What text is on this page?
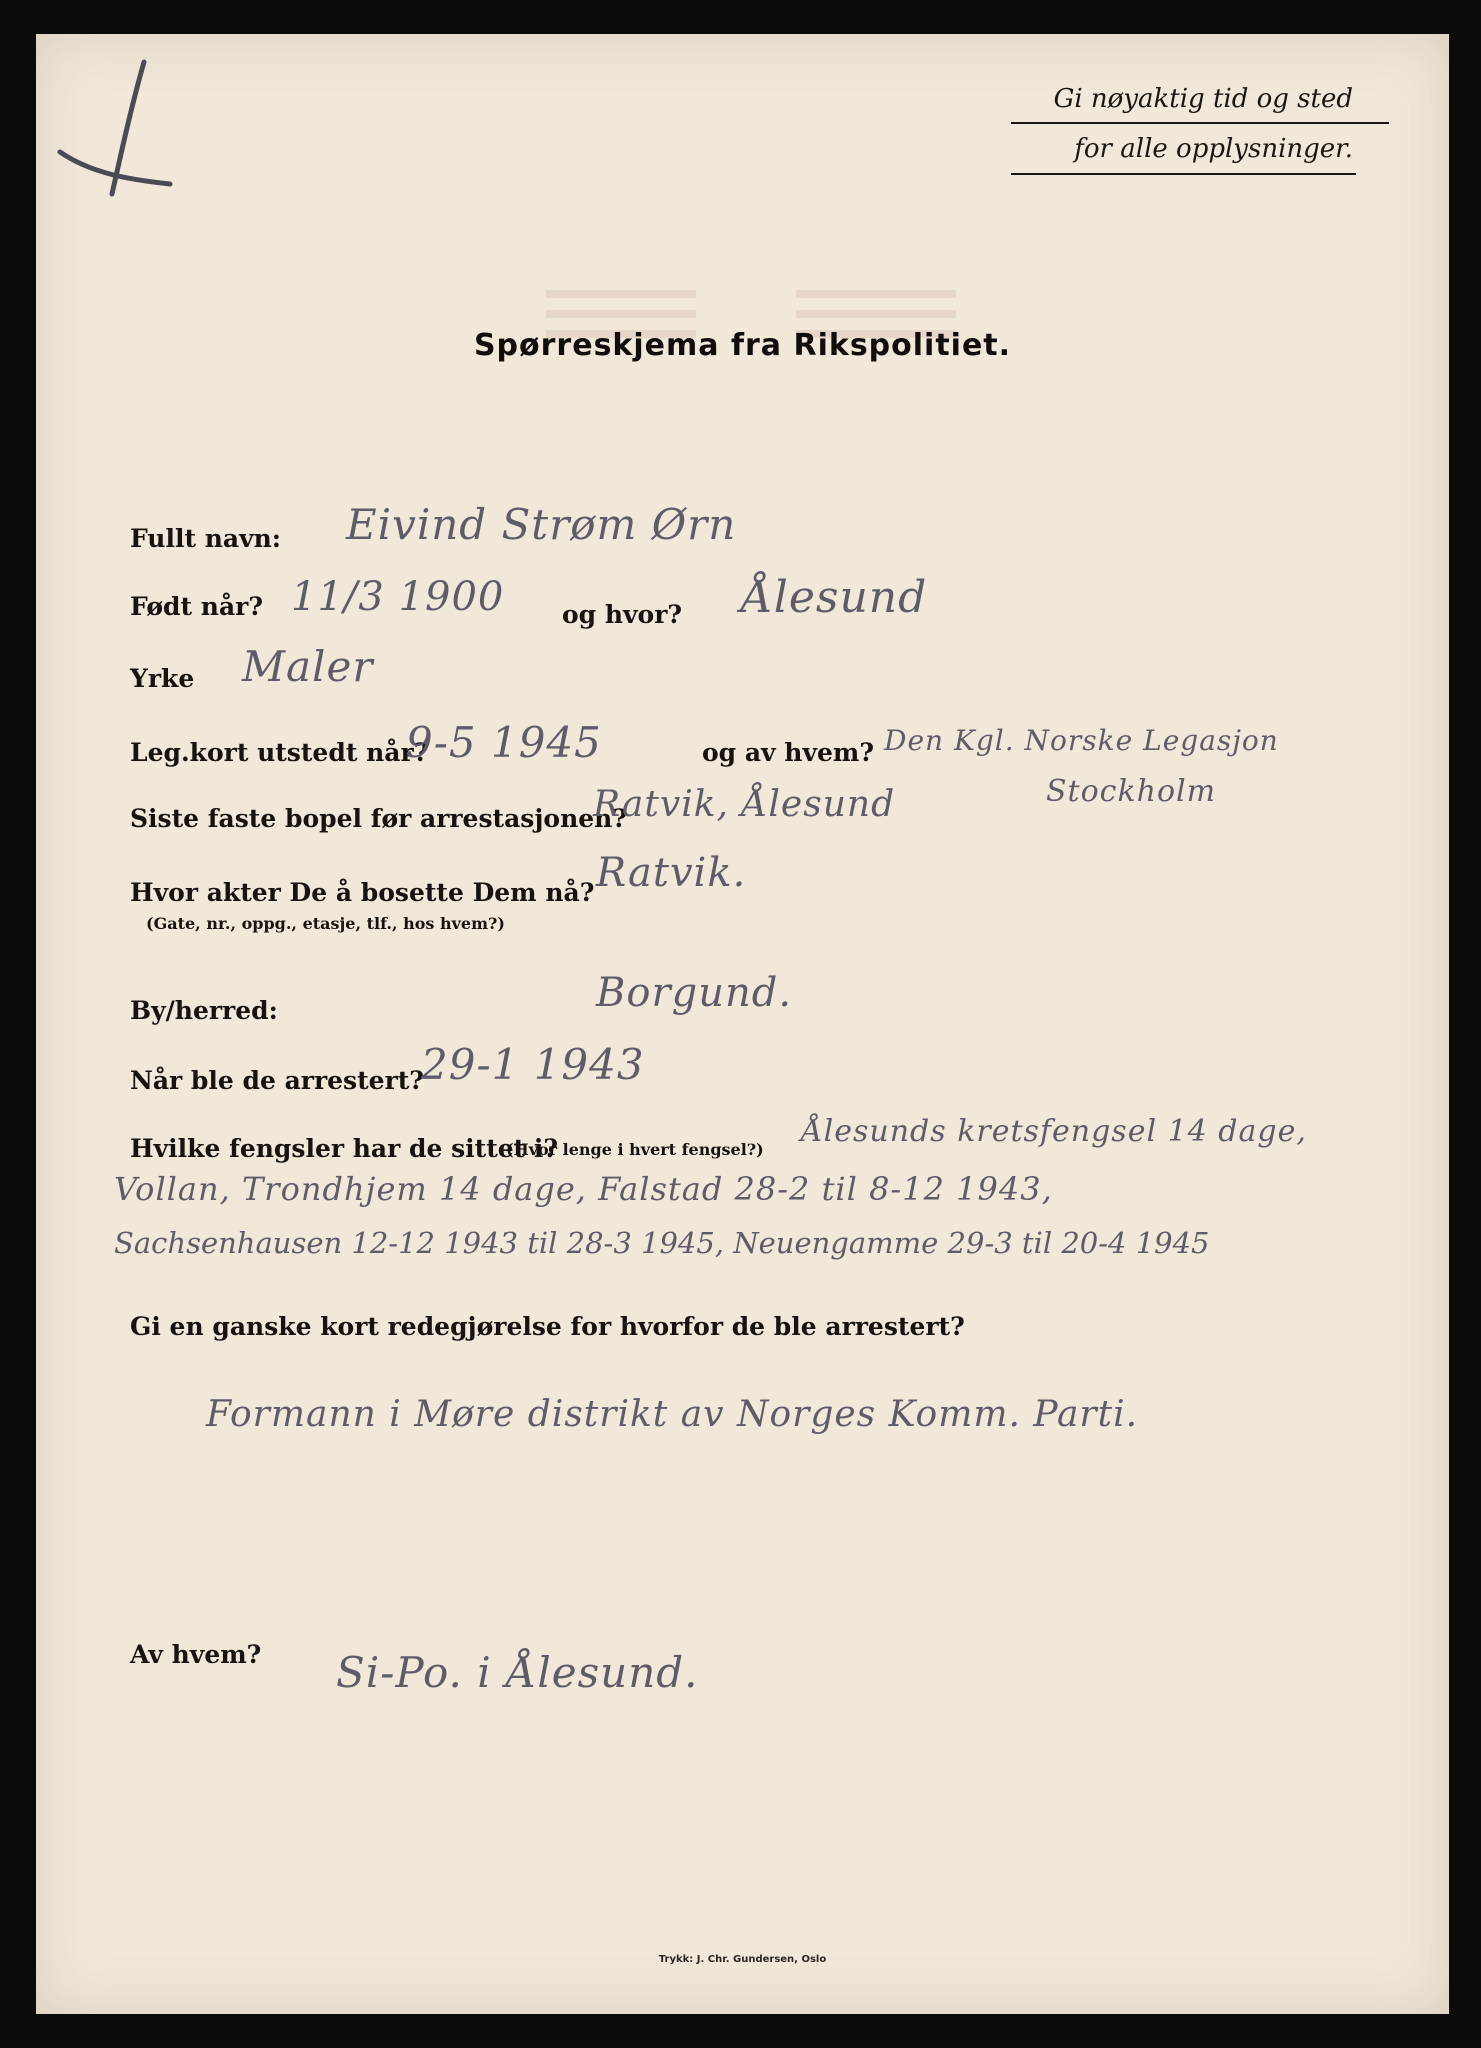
Gi nøyaktig tid og sted
for alle opplysninger.
Spørreskjema fra Rikspolitiet.
Fullt navn: Eivind Strøm Ørn
Født når? 11/3 1900 og hvor? Ålesund
Yrke Maler
Leg.kort utstedt når?
9-5 1945	og av hvem? Den Kgl. Norske Legasjon
Stockholm
Siste faste bopel før arrestasjonen?
Ratvik, Ålesund
Hvor akter De å bosette Dem nå?
(Gate, nr., oppg., etasje, tlf., hos hvem?)
Ratvik.
By/herred:	Borgund.
Når ble de arrestert?
29-1 1943
Hvilke fengsler har de sittet i?
(Hvor lenge i hvert fengsel?)
Ålesunds kretsfengsel 14 dage,
Vollan, Trondhjem 14 dage, Falstad 28-2 til 8-12 1943,
Sachsenhausen 12-12 1943 til 28-3 1945, Neuengamme 29-3 til 20-4 1945
Gi en ganske kort redegjørelse for hvorfor de ble arrestert?
Formann i Møre distrikt av Norges Komm. Parti.
Av hvem? Si-Po. i Ålesund.
Trykk: J. Chr. Gundersen, Oslo
